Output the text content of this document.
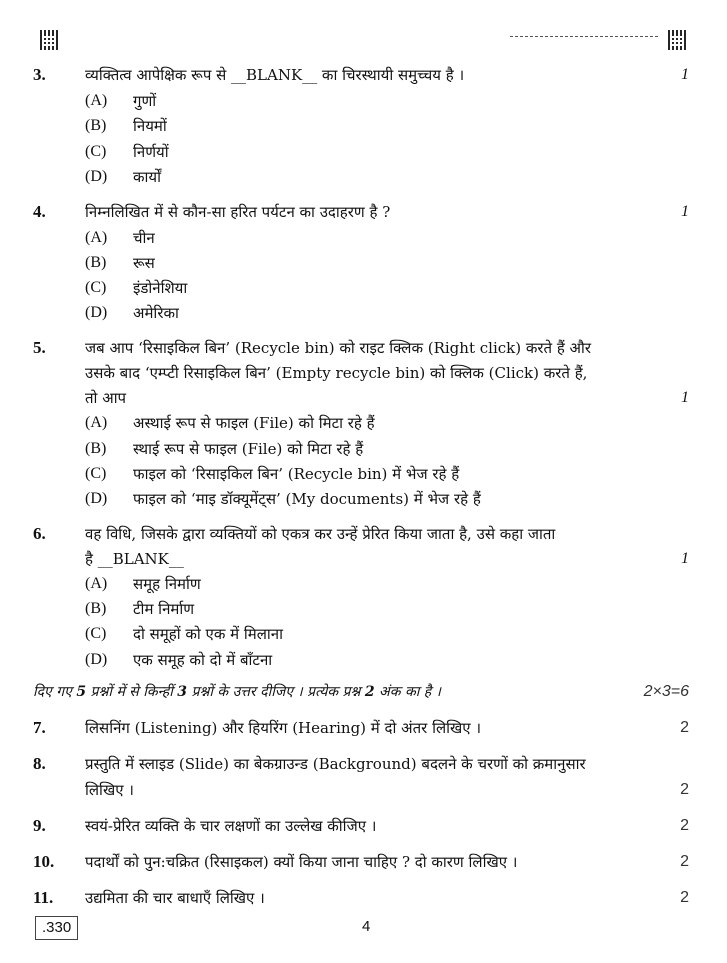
3.	व्यक्तित्व आपेक्षिक रूप से __BLANK__ का चिरस्थायी समुच्चय है ।	1
(A) गुणों
(B) नियमों
(C) निर्णयों
(D) कार्यों
4.	निम्नलिखित में से कौन-सा हरित पर्यटन का उदाहरण है ?	1
(A) चीन
(B) रूस
(C) इंडोनेशिया
(D) अमेरिका
5.	जब आप ‘रिसाइकिल बिन’ (Recycle bin) को राइट क्लिक (Right click) करते हैं और
उसके बाद ‘एम्प्टी रिसाइकिल बिन’ (Empty recycle bin) को क्लिक (Click) करते हैं,
तो आप	1
(A) अस्थाई रूप से फाइल (File) को मिटा रहे हैं
(B) स्थाई रूप से फाइल (File) को मिटा रहे हैं
(C) फाइल को ‘रिसाइकिल बिन’ (Recycle bin) में भेज रहे हैं
(D) फाइल को ‘माइ डॉक्यूमेंट्स’ (My documents) में भेज रहे हैं
6.	वह विधि, जिसके द्वारा व्यक्तियों को एकत्र कर उन्हें प्रेरित किया जाता है, उसे कहा जाता
है __BLANK__	1
(A) समूह निर्माण
(B) टीम निर्माण
(C) दो समूहों को एक में मिलाना
(D) एक समूह को दो में बाँटना
7.	लिसनिंग (Listening) और हियरिंग (Hearing) में दो अंतर लिखिए ।	2
8.	प्रस्तुति में स्लाइड (Slide) का बेकग्राउन्ड (Background) बदलने के चरणों को क्रमानुसार
लिखिए ।	2
9.	स्वयं-प्रेरित व्यक्ति के चार लक्षणों का उल्लेख कीजिए ।	2
10. पदार्थों को पुन:चक्रित (रिसाइकल) क्यों किया जाना चाहिए ? दो कारण लिखिए ।	2
11. उद्यमिता की चार बाधाएँ लिखिए ।	2
दिए गए 5 प्रश्नों में से किन्हीं 3 प्रश्नों के उत्तर दीजिए । प्रत्येक प्रश्न 2 अंक का है ।	2×3=6
.330	4
